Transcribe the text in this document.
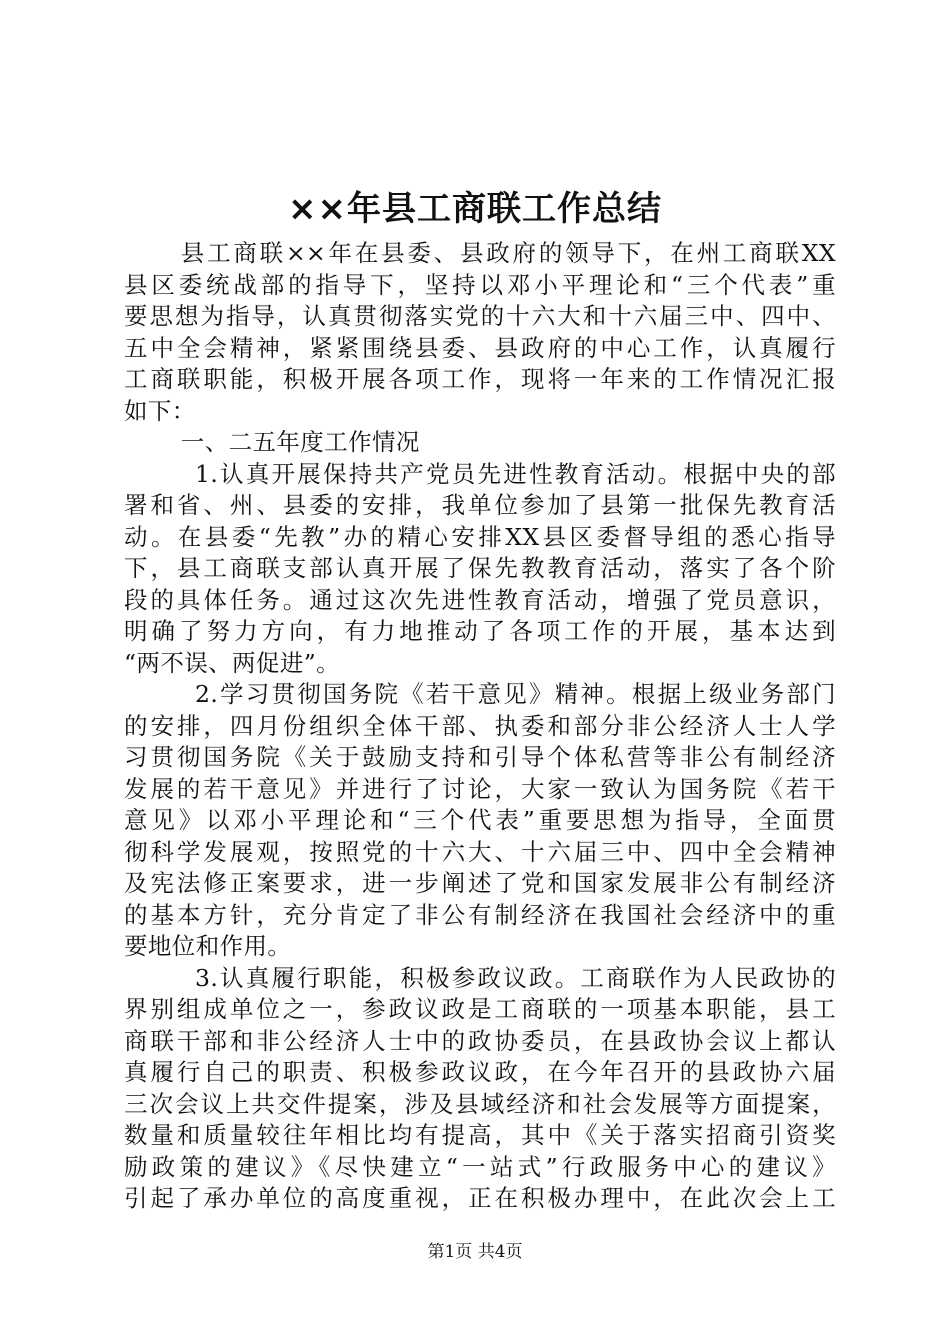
××年县工商联工作总结
县工商联××年在县委、县政府的领导下，在州工商联XX
县区委统战部的指导下，坚持以邓小平理论和“三个代表”重
要思想为指导，认真贯彻落实党的十六大和十六届三中、四中、
五中全会精神，紧紧围绕县委、县政府的中心工作，认真履行
工商联职能，积极开展各项工作，现将一年来的工作情况汇报
如下：
一、二五年度工作情况
1.认真开展保持共产党员先进性教育活动。根据中央的部
署和省、州、县委的安排，我单位参加了县第一批保先教育活
动。在县委“先教”办的精心安排XX县区委督导组的悉心指导
下，县工商联支部认真开展了保先教教育活动，落实了各个阶
段的具体任务。通过这次先进性教育活动，增强了党员意识，
明确了努力方向，有力地推动了各项工作的开展，基本达到
“两不误、两促进”。
2.学习贯彻国务院《若干意见》精神。根据上级业务部门
的安排，四月份组织全体干部、执委和部分非公经济人士人学
习贯彻国务院《关于鼓励支持和引导个体私营等非公有制经济
发展的若干意见》并进行了讨论，大家一致认为国务院《若干
意见》以邓小平理论和“三个代表”重要思想为指导，全面贯
彻科学发展观，按照党的十六大、十六届三中、四中全会精神
及宪法修正案要求，进一步阐述了党和国家发展非公有制经济
的基本方针，充分肯定了非公有制经济在我国社会经济中的重
要地位和作用。
3.认真履行职能，积极参政议政。工商联作为人民政协的
界别组成单位之一，参政议政是工商联的一项基本职能，县工
商联干部和非公经济人士中的政协委员，在县政协会议上都认
真履行自己的职责、积极参政议政，在今年召开的县政协六届
三次会议上共交件提案，涉及县域经济和社会发展等方面提案，
数量和质量较往年相比均有提高，其中《关于落实招商引资奖
励政策的建议》《尽快建立“一站式”行政服务中心的建议》
引起了承办单位的高度重视，正在积极办理中，在此次会上工
第1页 共4页
